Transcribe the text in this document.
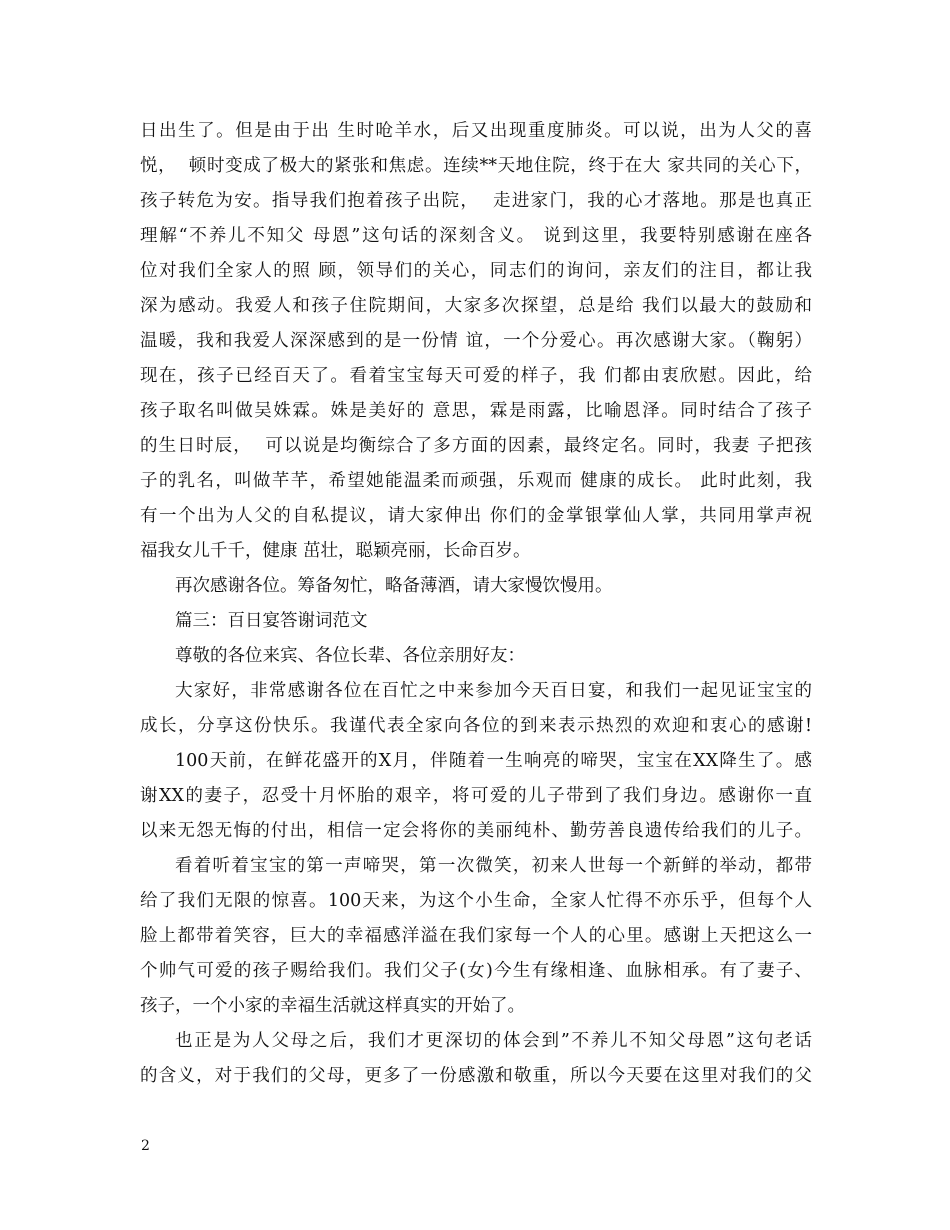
日出生了。但是由于出 生时呛羊水，后又出现重度肺炎。可以说，出为人父的喜
悦，  顿时变成了极大的紧张和焦虑。连续**天地住院，终于在大 家共同的关心下，
孩子转危为安。指导我们抱着孩子出院，  走进家门，我的心才落地。那是也真正
理解“不养儿不知父 母恩”这句话的深刻含义。 说到这里，我要特别感谢在座各
位对我们全家人的照 顾，领导们的关心，同志们的询问，亲友们的注目，都让我
深为感动。我爱人和孩子住院期间，大家多次探望，总是给 我们以最大的鼓励和
温暖，我和我爱人深深感到的是一份情 谊，一个分爱心。再次感谢大家。（鞠躬）
现在，孩子已经百天了。看着宝宝每天可爱的样子，我 们都由衷欣慰。因此，给
孩子取名叫做吴姝霖。姝是美好的 意思，霖是雨露，比喻恩泽。同时结合了孩子
的生日时辰，  可以说是均衡综合了多方面的因素，最终定名。同时，我妻 子把孩
子的乳名，叫做芊芊，希望她能温柔而顽强，乐观而 健康的成长。 此时此刻，我
有一个出为人父的自私提议，请大家伸出 你们的金掌银掌仙人掌，共同用掌声祝
福我女儿千千，健康 茁壮，聪颖亮丽，长命百岁。
再次感谢各位。筹备匆忙，略备薄酒，请大家慢饮慢用。
篇三：百日宴答谢词范文
尊敬的各位来宾、各位长辈、各位亲朋好友：
大家好，非常感谢各位在百忙之中来参加今天百日宴，和我们一起见证宝宝的
成长，分享这份快乐。我谨代表全家向各位的到来表示热烈的欢迎和衷心的感谢!
100天前，在鲜花盛开的X月，伴随着一生响亮的啼哭，宝宝在XX降生了。感
谢XX的妻子，忍受十月怀胎的艰辛，将可爱的儿子带到了我们身边。感谢你一直
以来无怨无悔的付出，相信一定会将你的美丽纯朴、勤劳善良遗传给我们的儿子。
看着听着宝宝的第一声啼哭，第一次微笑，初来人世每一个新鲜的举动，都带
给了我们无限的惊喜。100天来，为这个小生命，全家人忙得不亦乐乎，但每个人
脸上都带着笑容，巨大的幸福感洋溢在我们家每一个人的心里。感谢上天把这么一
个帅气可爱的孩子赐给我们。我们父子(女)今生有缘相逢、血脉相承。有了妻子、
孩子，一个小家的幸福生活就这样真实的开始了。
也正是为人父母之后，我们才更深切的体会到”不养儿不知父母恩”这句老话
的含义，对于我们的父母，更多了一份感激和敬重，所以今天要在这里对我们的父
2
